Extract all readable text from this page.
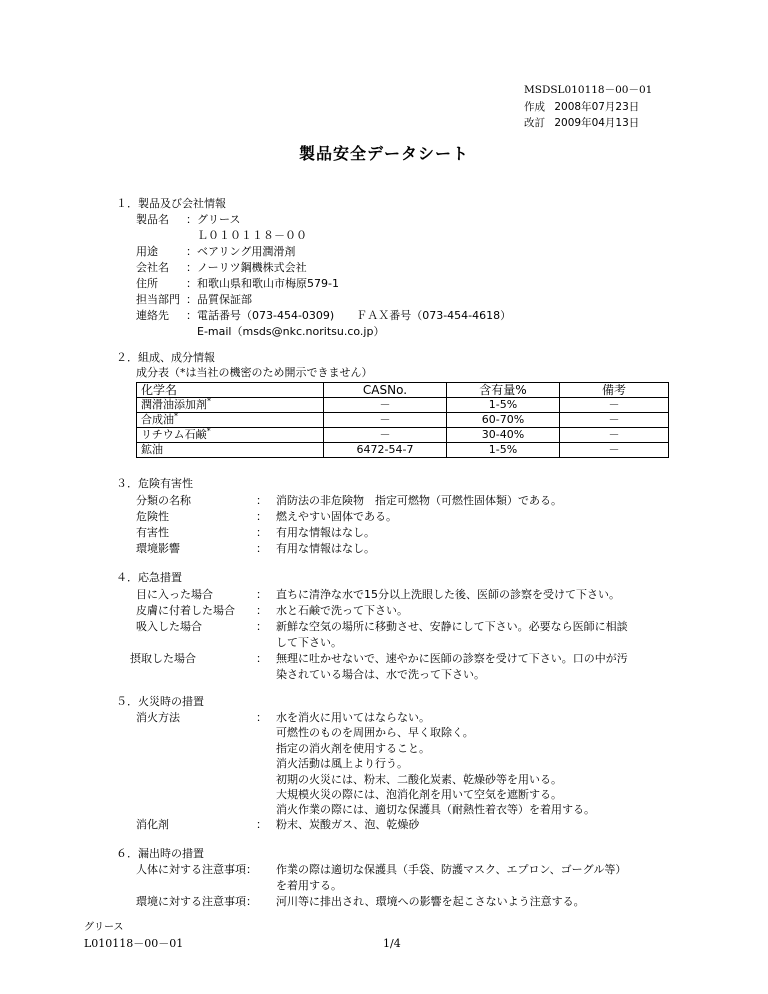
MSDSL010118－00－01
作成 2008年07月23日
改訂 2009年04月13日
製品安全データシート
１．製品及び会社情報
製品名 ：グリース
　Ｌ０１０１１８－００
用途	：ベアリング用潤滑剤
会社名 ：ノーリツ鋼機株式会社
住所	：和歌山県和歌山市梅原579-1
担当部門 ：品質保証部
連絡先 ：電話番号（073-454-0309)　　ＦＡＸ番号（073-454-4618）
　E-mail（msds@nkc.noritsu.co.jp）
２．組成、成分情報
成分表（*は当社の機密のため開示できません）
化学名	CASNo.	含有量%	備考
潤滑油添加剤*	－	1-5%	－
合成油*	－	60-70%	－
リチウム石鹸*	－	30-40%	－
鉱油	6472-54-7	1-5%	－
３．危険有害性
分類の名称	： 消防法の非危険物　指定可燃物（可燃性固体類）である。
危険性	： 燃えやすい固体である。
有害性	： 有用な情報はなし。
環境影響	： 有用な情報はなし。
４．応急措置
目に入った場合	： 直ちに清浄な水で15分以上洗眼した後、医師の診察を受けて下さい。
皮膚に付着した場合 ： 水と石鹸で洗って下さい。
吸入した場合	： 新鮮な空気の場所に移動させ、安静にして下さい。必要なら医師に相談
して下さい。
摂取した場合	： 無理に吐かせないで、速やかに医師の診察を受けて下さい。口の中が汚
染されている場合は、水で洗って下さい。
５．火災時の措置
消火方法	： 水を消火に用いてはならない。
可燃性のものを周囲から、早く取除く。
指定の消火剤を使用すること。
消火活動は風上より行う。
初期の火災には、粉末、二酸化炭素、乾燥砂等を用いる。
大規模火災の際には、泡消化剤を用いて空気を遮断する。
消火作業の際には、適切な保護具（耐熱性着衣等）を着用する。
消化剤	： 粉末、炭酸ガス、泡、乾燥砂
６．漏出時の措置
人体に対する注意事項： 作業の際は適切な保護具（手袋、防護マスク、エプロン、ゴーグル等）
を着用する。
環境に対する注意事項： 河川等に排出され、環境への影響を起こさないよう注意する。
グリース
L010118－00－01	1/4
